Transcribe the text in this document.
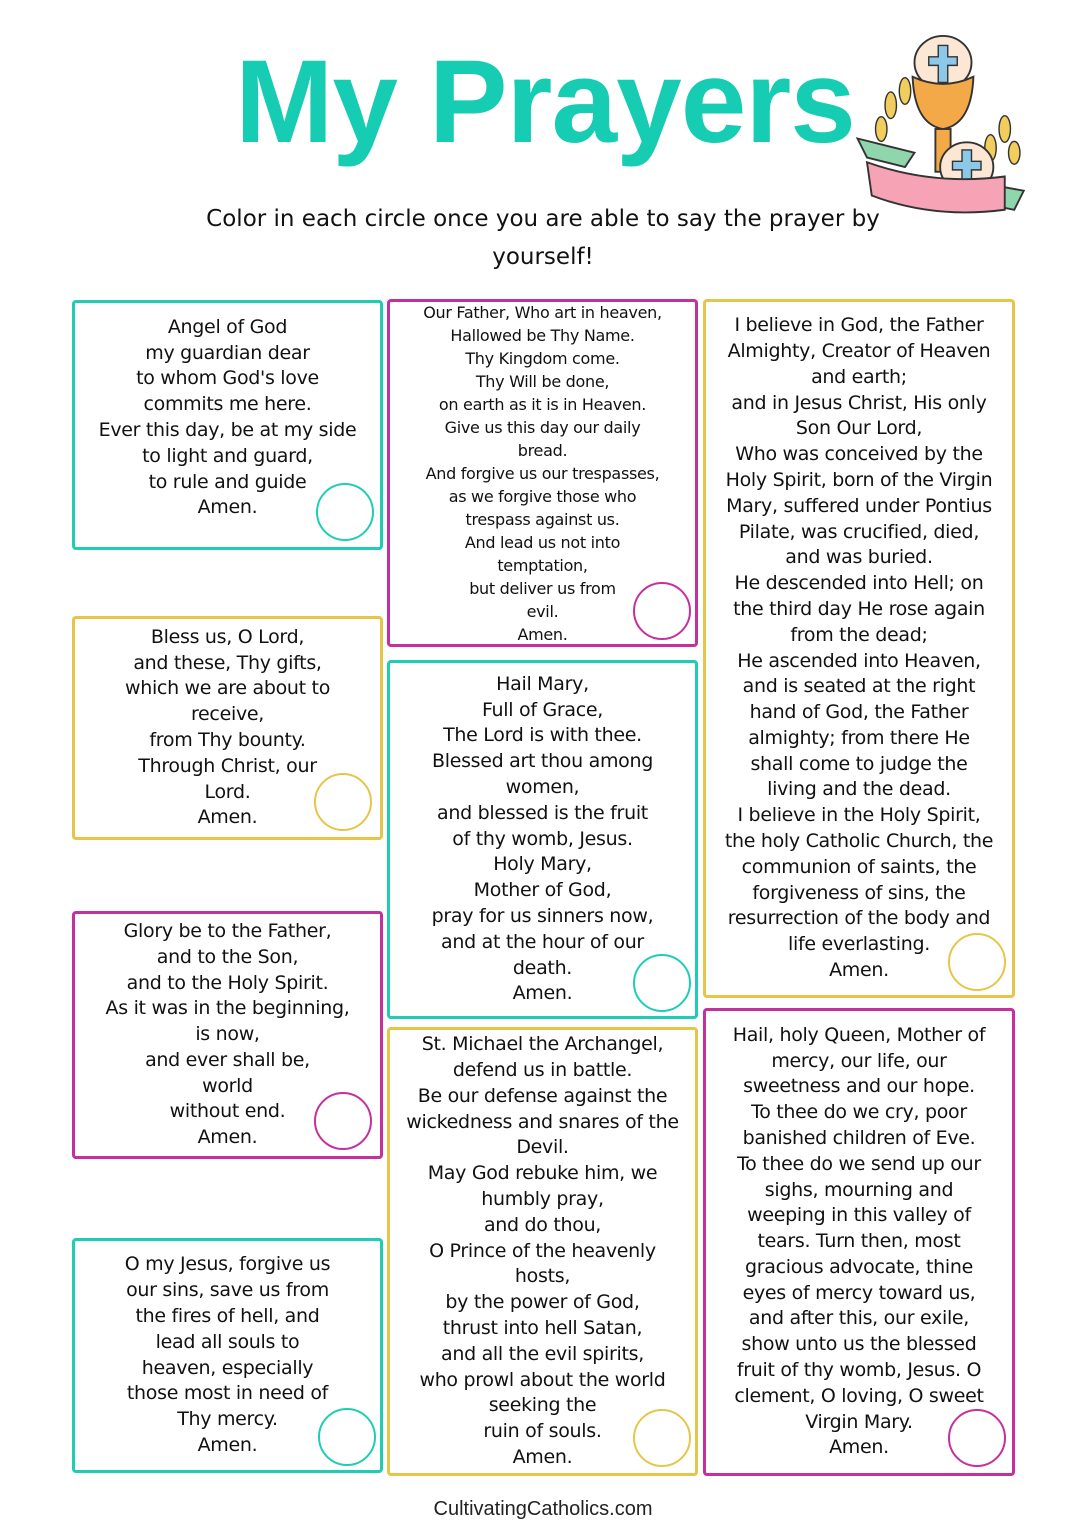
My Prayers
Color in each circle once you are able to say the prayer by
yourself!
Angel of God
my guardian dear
to whom God's love
commits me here.
Ever this day, be at my side
to light and guard,
to rule and guide
Amen.
Bless us, O Lord,
and these, Thy gifts,
which we are about to
receive,
from Thy bounty.
Through Christ, our
Lord.
Amen.
Glory be to the Father,
and to the Son,
and to the Holy Spirit.
As it was in the beginning,
is now,
and ever shall be,
world
without end.
Amen.
O my Jesus, forgive us
our sins, save us from
the fires of hell, and
lead all souls to
heaven, especially
those most in need of
Thy mercy.
Amen.
Our Father, Who art in heaven,
Hallowed be Thy Name.
Thy Kingdom come.
Thy Will be done,
on earth as it is in Heaven.
Give us this day our daily
bread.
And forgive us our trespasses,
as we forgive those who
trespass against us.
And lead us not into
temptation,
but deliver us from
evil.
Amen.
Hail Mary,
Full of Grace,
The Lord is with thee.
Blessed art thou among
women,
and blessed is the fruit
of thy womb, Jesus.
Holy Mary,
Mother of God,
pray for us sinners now,
and at the hour of our
death.
Amen.
St. Michael the Archangel,
defend us in battle.
Be our defense against the
wickedness and snares of the
Devil.
May God rebuke him, we
humbly pray,
and do thou,
O Prince of the heavenly
hosts,
by the power of God,
thrust into hell Satan,
and all the evil spirits,
who prowl about the world
seeking the
ruin of souls.
Amen.
I believe in God, the Father
Almighty, Creator of Heaven
and earth;
and in Jesus Christ, His only
Son Our Lord,
Who was conceived by the
Holy Spirit, born of the Virgin
Mary, suffered under Pontius
Pilate, was crucified, died,
and was buried.
He descended into Hell; on
the third day He rose again
from the dead;
He ascended into Heaven,
and is seated at the right
hand of God, the Father
almighty; from there He
shall come to judge the
living and the dead.
I believe in the Holy Spirit,
the holy Catholic Church, the
communion of saints, the
forgiveness of sins, the
resurrection of the body and
life everlasting.
Amen.
Hail, holy Queen, Mother of
mercy, our life, our
sweetness and our hope.
To thee do we cry, poor
banished children of Eve.
To thee do we send up our
sighs, mourning and
weeping in this valley of
tears. Turn then, most
gracious advocate, thine
eyes of mercy toward us,
and after this, our exile,
show unto us the blessed
fruit of thy womb, Jesus. O
clement, O loving, O sweet
Virgin Mary.
Amen.
CultivatingCatholics.com
